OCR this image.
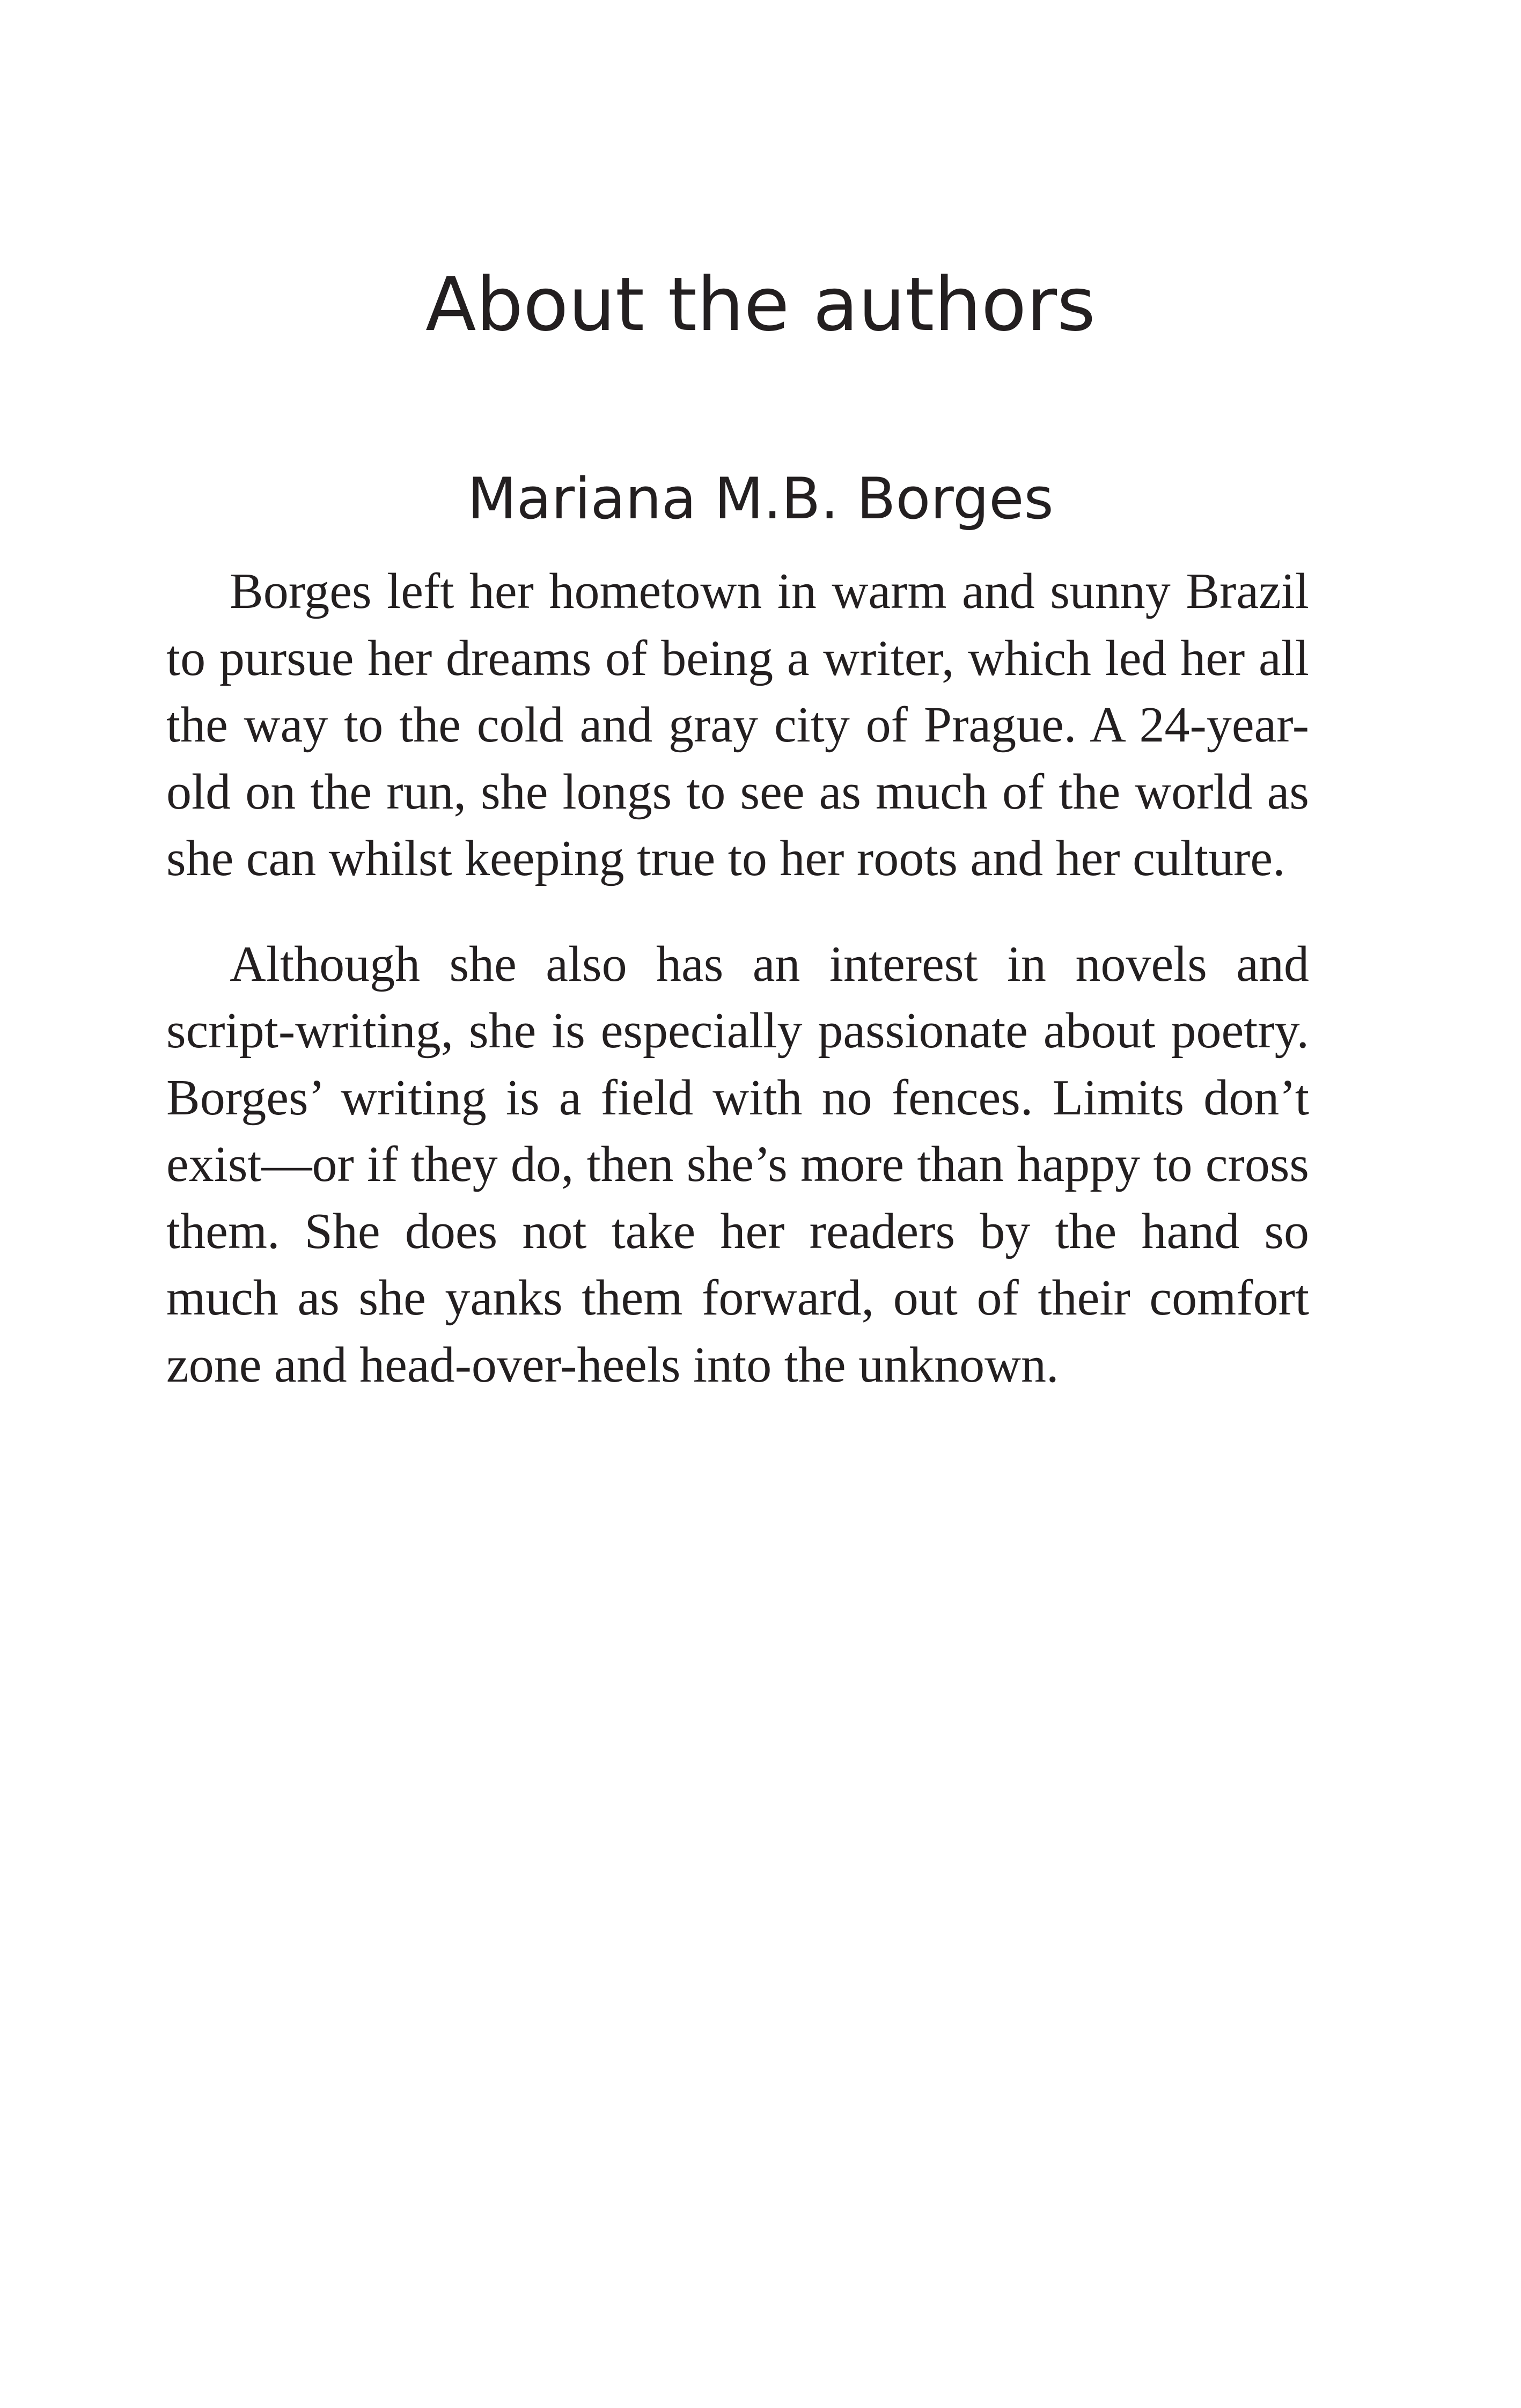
About the authors
Mariana M.B. Borges

Borges left her hometown in warm and sunny Brazil to pursue her dreams of being a writer, which led her all the way to the cold and gray city of Prague. A 24-year-old on the run, she longs to see as much of the world as she can whilst keeping true to her roots and her culture.

Although she also has an interest in novels and script-writing, she is especially passionate about poetry. Borges’ writing is a field with no fences. Limits don’t exist—or if they do, then she’s more than happy to cross them. She does not take her readers by the hand so much as she yanks them forward, out of their comfort zone and head-over-heels into the unknown.
